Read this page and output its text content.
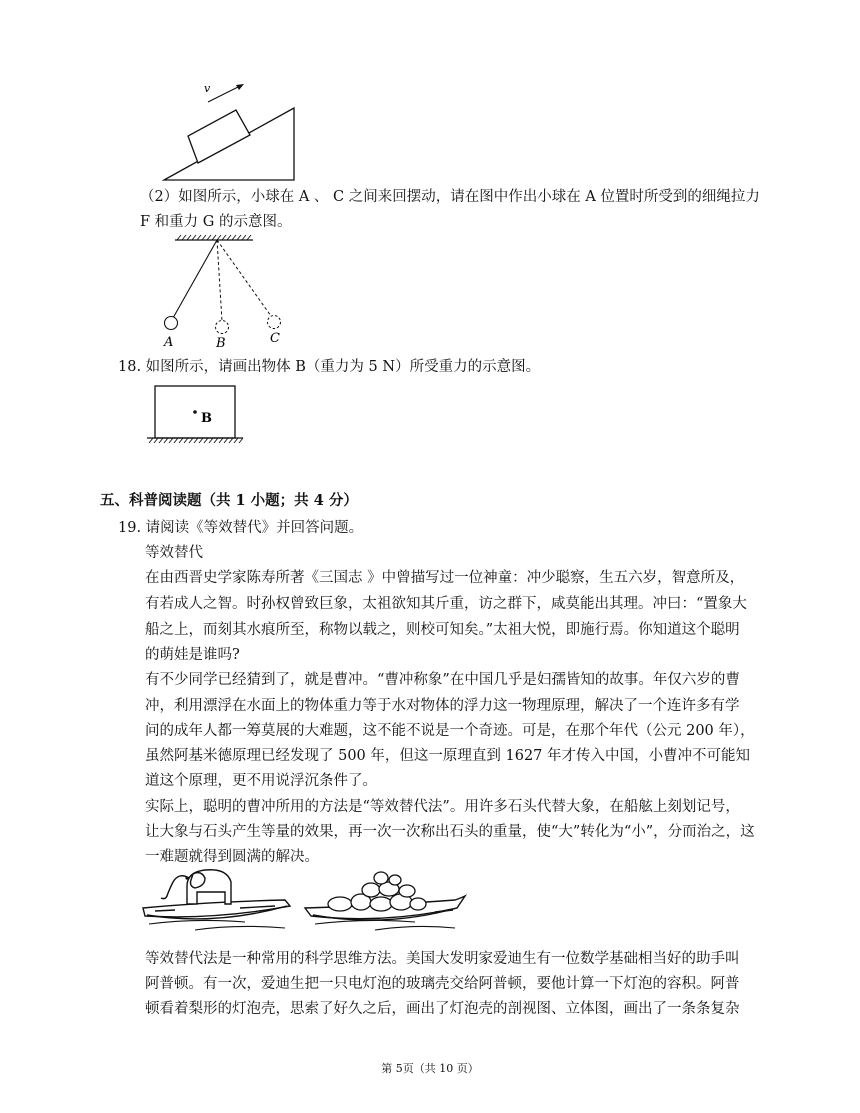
v
（2）如图所示，小球在 A 、 C 之间来回摆动，请在图中作出小球在 A 位置时所受到的细绳拉力
F 和重力 G 的示意图。
A	B	C
18. 如图所示，请画出物体 B（重力为 5 N）所受重力的示意图。
B
五、科普阅读题（共 1 小题；共 4 分）
19. 请阅读《等效替代》并回答问题。
等效替代
在由西晋史学家陈寿所著《三国志 》中曾描写过一位神童：冲少聪察，生五六岁，智意所及，
有若成人之智。时孙权曾致巨象，太祖欲知其斤重，访之群下，咸莫能出其理。冲曰：“置象大
船之上，而刻其水痕所至，称物以载之，则校可知矣。”太祖大悦，即施行焉。你知道这个聪明
的萌娃是谁吗?
有不少同学已经猜到了，就是曹冲。“曹冲称象”在中国几乎是妇孺皆知的故事。年仅六岁的曹
冲，利用漂浮在水面上的物体重力等于水对物体的浮力这一物理原理，解决了一个连许多有学
问的成年人都一筹莫展的大难题，这不能不说是一个奇迹。可是，在那个年代（公元 200 年），
虽然阿基米德原理已经发现了 500 年，但这一原理直到 1627 年才传入中国，小曹冲不可能知
道这个原理，更不用说浮沉条件了。
实际上，聪明的曹冲所用的方法是“等效替代法”。用许多石头代替大象，在船舷上刻划记号，
让大象与石头产生等量的效果，再一次一次称出石头的重量，使“大”转化为“小”，分而治之，这
一难题就得到圆满的解决。
等效替代法是一种常用的科学思维方法。美国大发明家爱迪生有一位数学基础相当好的助手叫
阿普顿。有一次，爱迪生把一只电灯泡的玻璃壳交给阿普顿，要他计算一下灯泡的容积。阿普
顿看着梨形的灯泡壳，思索了好久之后，画出了灯泡壳的剖视图、立体图，画出了一条条复杂
第 5页（共 10 页）
